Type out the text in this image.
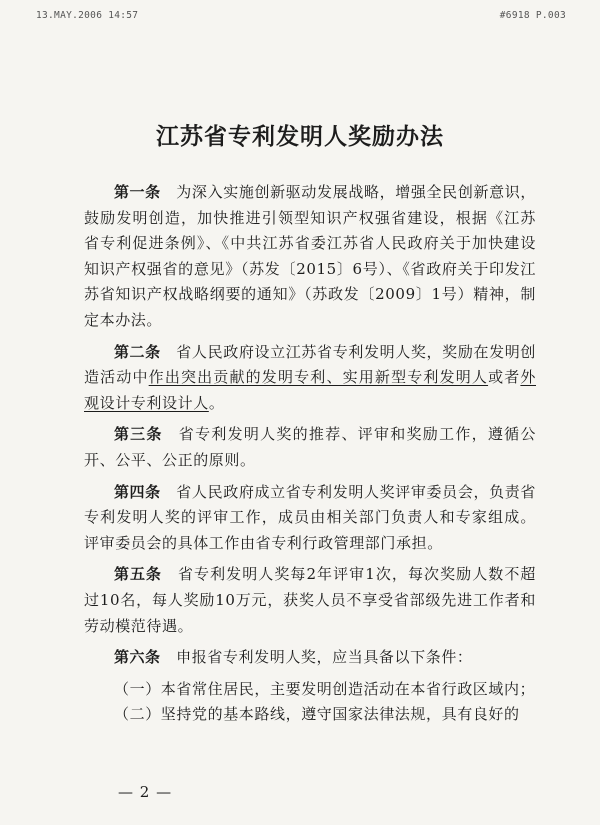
13.MAY.2006 14:57	#6918 P.003
江苏省专利发明人奖励办法

第一条　 为深入实施创新驱动发展战略，增强全民创新意识，鼓励发明创造，加快推进引领型知识产权强省建设，根据《江苏省专利促进条例》、《中共江苏省委江苏省人民政府关于加快建设知识产权强省的意见》（苏发〔2015〕6号）、《省政府关于印发江苏省知识产权战略纲要的通知》（苏政发〔2009〕1号）精神，制定本办法。

第二条　 省人民政府设立江苏省专利发明人奖，奖励在发明创造活动中作出突出贡献的发明专利、实用新型专利发明人或者外观设计专利设计人。

第三条　 省专利发明人奖的推荐、评审和奖励工作，遵循公开、公平、公正的原则。

第四条　 省人民政府成立省专利发明人奖评审委员会，负责省专利发明人奖的评审工作，成员由相关部门负责人和专家组成。评审委员会的具体工作由省专利行政管理部门承担。

第五条　 省专利发明人奖每2年评审1次，每次奖励人数不超过10名，每人奖励10万元，获奖人员不享受省部级先进工作者和劳动模范待遇。

第六条　 申报省专利发明人奖，应当具备以下条件：

（一）本省常住居民，主要发明创造活动在本省行政区域内；

（二）坚持党的基本路线，遵守国家法律法规，具有良好的

— 2 —
